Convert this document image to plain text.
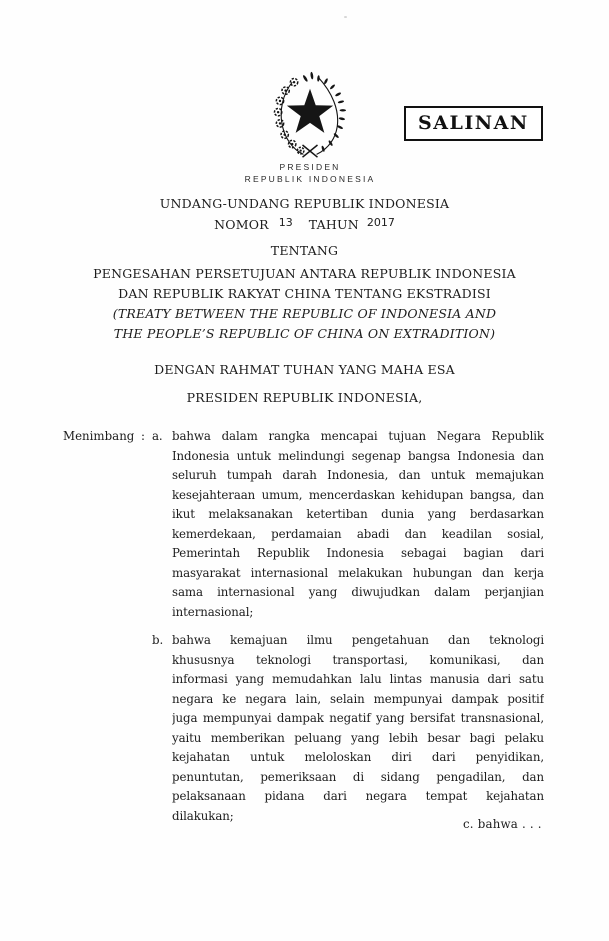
PRESIDEN
REPUBLIK INDONESIA
SALINAN
UNDANG-UNDANG REPUBLIK INDONESIA
NOMOR 13 TAHUN 2017
TENTANG
PENGESAHAN PERSETUJUAN ANTARA REPUBLIK INDONESIA
DAN REPUBLIK RAKYAT CHINA TENTANG EKSTRADISI
(TREATY BETWEEN THE REPUBLIC OF INDONESIA AND
THE PEOPLE’S REPUBLIC OF CHINA ON EXTRADITION)
DENGAN RAHMAT TUHAN YANG MAHA ESA
PRESIDEN REPUBLIK INDONESIA,
Menimbang : a. bahwa dalam rangka mencapai tujuan Negara Republik
Indonesia untuk melindungi segenap bangsa Indonesia dan
seluruh tumpah darah Indonesia, dan untuk memajukan
kesejahteraan umum, mencerdaskan kehidupan bangsa, dan
ikut melaksanakan ketertiban dunia yang berdasarkan
kemerdekaan, perdamaian abadi dan keadilan sosial,
Pemerintah Republik Indonesia sebagai bagian dari
masyarakat internasional melakukan hubungan dan kerja
sama internasional yang diwujudkan dalam perjanjian
internasional;
b. bahwa kemajuan ilmu pengetahuan dan teknologi
khususnya teknologi transportasi, komunikasi, dan
informasi yang memudahkan lalu lintas manusia dari satu
negara ke negara lain, selain mempunyai dampak positif
juga mempunyai dampak negatif yang bersifat transnasional,
yaitu memberikan peluang yang lebih besar bagi pelaku
kejahatan untuk meloloskan diri dari penyidikan,
penuntutan, pemeriksaan di sidang pengadilan, dan
pelaksanaan pidana dari negara tempat kejahatan
dilakukan;
c. bahwa . . .
